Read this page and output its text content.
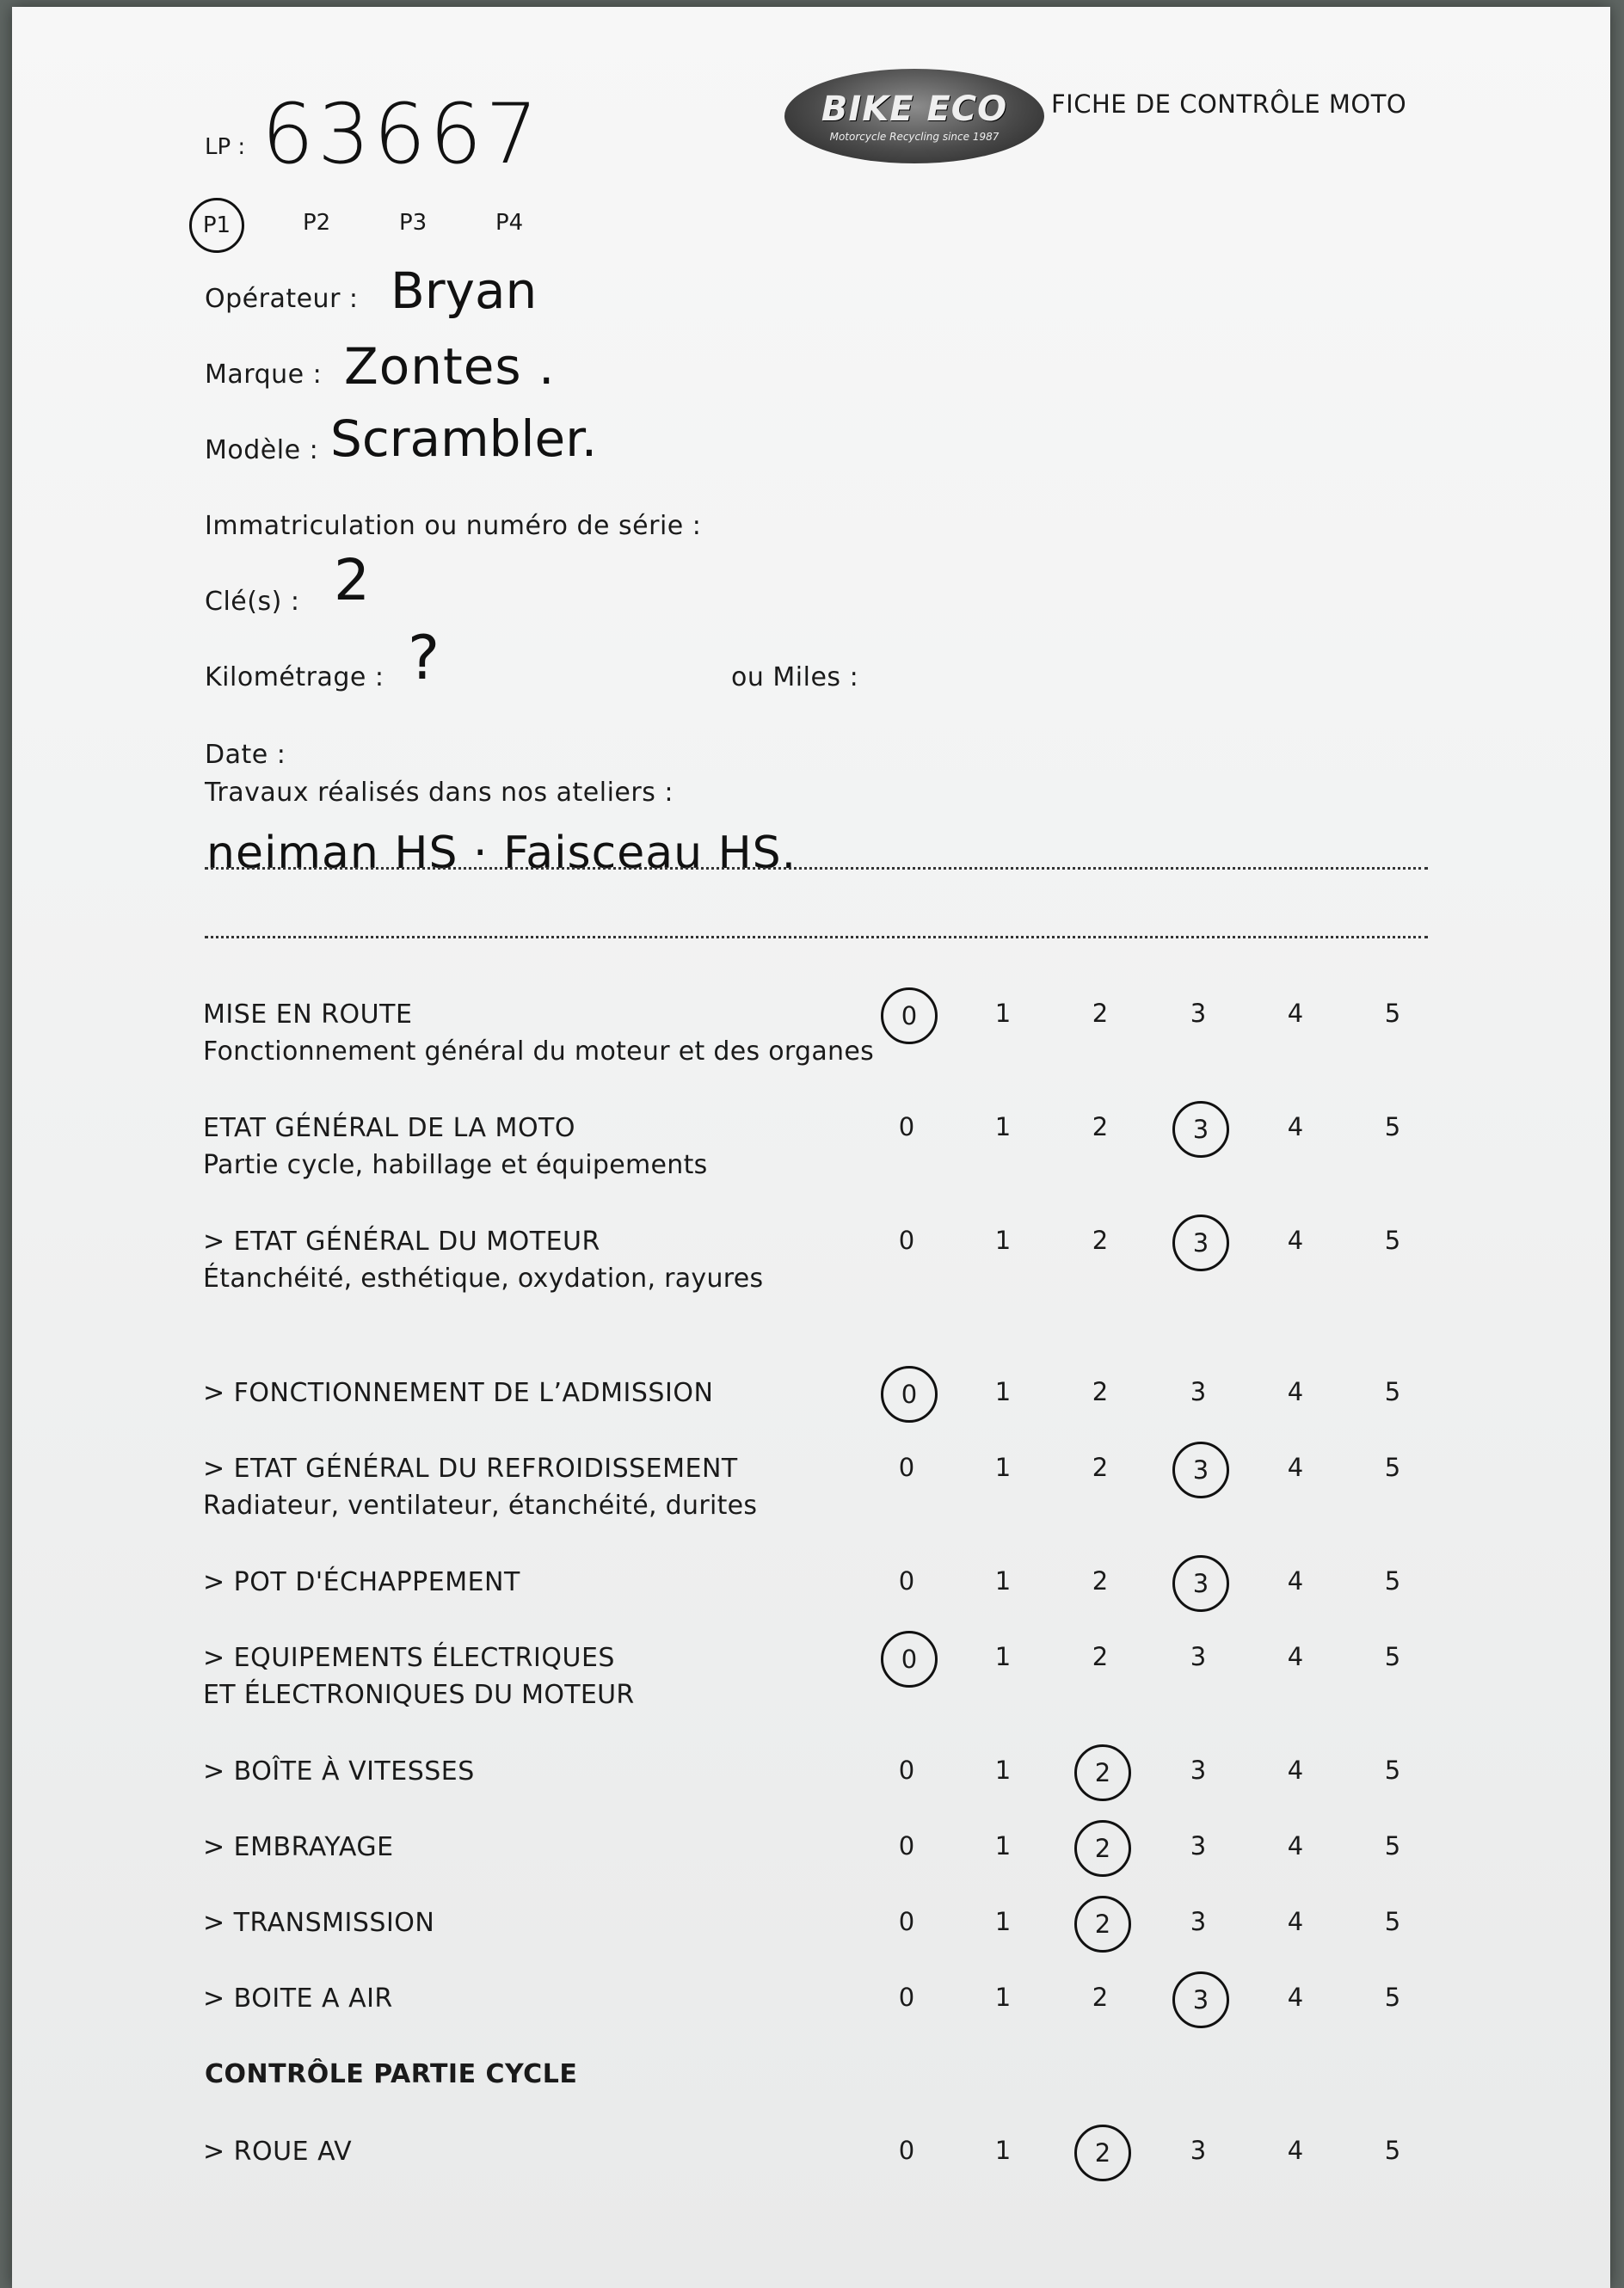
LP : 63667	BIKE ECO
Motorcycle Recycling since 1987
FICHE DE CONTRÔLE MOTO
P1	P2	P3	P4
Opérateur : Bryan
Marque : Zontes .
Modèle : Scrambler.
Immatriculation ou numéro de série :
Clé(s) : 2
Kilométrage : ?	ou Miles :
Date :
Travaux réalisés dans nos ateliers :
neiman HS · Faisceau HS.
MISE EN ROUTE
Fonctionnement général du moteur et des organes
0	1	2	3	4	5
ETAT GÉNÉRAL DE LA MOTO
Partie cycle, habillage et équipements
0	1	2	3	4	5
> ETAT GÉNÉRAL DU MOTEUR
Étanchéité, esthétique, oxydation, rayures
0	1	2	3	4	5
> FONCTIONNEMENT DE L’ADMISSION	0	1	2	3	4	5
> ETAT GÉNÉRAL DU REFROIDISSEMENT
Radiateur, ventilateur, étanchéité, durites
0	1	2	3	4	5
> POT D'ÉCHAPPEMENT	0	1	2	3	4	5
> EQUIPEMENTS ÉLECTRIQUES
ET ÉLECTRONIQUES DU MOTEUR
0	1	2	3	4	5
> BOÎTE À VITESSES	0	1	2	3	4	5
> EMBRAYAGE	0	1	2	3	4	5
> TRANSMISSION	0	1	2	3	4	5
> BOITE A AIR	0	1	2	3	4	5
CONTRÔLE PARTIE CYCLE
> ROUE AV	0	1	2	3	4	5
